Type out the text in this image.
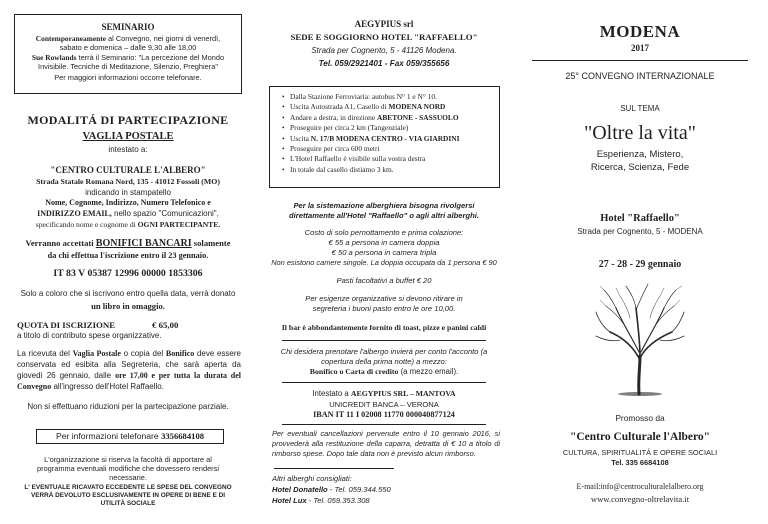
SEMINARIO
Contemporaneamente al Convegno, nei giorni di venerdì, sabato e domenica – dalle 9,30 alle 18,00
Sue Rowlands terrà il Seminario: "La percezione del Mondo Invisibile. Tecniche di Meditazione, Silenzio, Preghiera"
Per maggiori informazioni occorre telefonare.
MODALITÁ DI PARTECIPAZIONE
VAGLIA POSTALE
intestato a:
"CENTRO CULTURALE L'ALBERO"
Strada Statale Romana Nord, 135 - 41012 Fossoli (MO)
indicando in stampatello
Nome, Cognome, Indirizzo, Numero Telefonico e
INDIRIZZO EMAIL, nello spazio "Comunicazioni",
specificando nome e cognome di OGNI PARTECIPANTE.
Verranno accettati BONIFICI BANCARI solamente
da chi effettua l'iscrizione entro il 23 gennaio.
IT 83 V 05387 12996 00000 1853306
Solo a coloro che si iscrivono entro quella data, verrà donato
un libro in omaggio.
QUOTA DI ISCRIZIONE	€ 65,00
a titolo di contributo spese organizzative.
La ricevuta del Vaglia Postale o copia del Bonifico deve essere conservata ed esibita alla Segreteria, che sarà aperta da giovedì 26 gennaio, dalle ore 17,00 e per tutta la durata del Convegno all'ingresso dell'Hotel Raffaello.
Non si effettuano riduzioni per la partecipazione parziale.
Per informazioni telefonare 3356684108
L'organizzazione si riserva la facoltà di apportare al programma eventuali modifiche che dovessero rendersi necessarie.
L' EVENTUALE RICAVATO ECCEDENTE LE SPESE DEL CONVEGNO VERRÀ DEVOLUTO ESCLUSIVAMENTE IN OPERE DI BENE E DI UTILITÀ SOCIALE
AEGYPIUS srl
SEDE E SOGGIORNO HOTEL "RAFFAELLO"
Strada per Cognento, 5 - 41126 Modena.
Tel. 059/2921401 - Fax 059/355656
• Dalla Stazione Ferroviaria: autobus N° 1 e N° 10.
• Uscita Autostrada A1, Casello di MODENA NORD
• Andare a destra, in direzione ABETONE - SASSUOLO
• Proseguire per circa 2 km (Tangenziale)
• Uscita N. 17/B MODENA CENTRO - VIA GIARDINI
• Proseguire per circa 600 metri
• L'Hotel Raffaello è visibile sulla vostra destra
• In totale dal casello distiamo 3 km.
Per la sistemazione alberghiera bisogna rivolgersi direttamente all'Hotel "Raffaello" o agli altri alberghi.
Costo di solo pernottamento e prima colazione:
€ 55 a persona in camera doppia
€ 50 a persona in camera tripla
Non esistono camere singole. La doppia occupata da 1 persona € 90
Pasti facoltativi a buffet € 20
Per esigenze organizzative si devono ritirare in segreteria i buoni pasto entro le ore 10,00.
Il bar è abbondantemente fornito di toast, pizze e panini caldi
Chi desidera prenotare l'albergo invierà per conto l'acconto (a copertura della prima notte) a mezzo:
Bonifico o Carta di credito (a mezzo email).
Intestato a AEGYPIUS SRL – MANTOVA
UNICREDIT BANCA – VERONA
IBAN IT 11 I 02008 11770 000040877124
Per eventuali cancellazioni pervenute entro il 10 gennaio 2016, si provvederà alla restituzione della caparra, detratta di € 10 a titolo di rimborso spese. Dopo tale data non è previsto alcun rimborso.
Altri alberghi consigliati:
Hotel Donatello - Tel. 059.344.550
Hotel Lux - Tel. 059.353.308
MODENA
2017
25° CONVEGNO INTERNAZIONALE
SUL TEMA
"Oltre la vita"
Esperienza, Mistero,
Ricerca, Scienza, Fede
Hotel "Raffaello"
Strada per Cognento, 5 - MODENA
27 - 28 - 29 gennaio
Promosso da
"Centro Culturale l'Albero"
CULTURA, SPIRITUALITÀ E OPERE SOCIALI
Tel. 335 6684108
E-mail:info@centroculturalelalbero.org
www.convegno-oltrelavita.it
